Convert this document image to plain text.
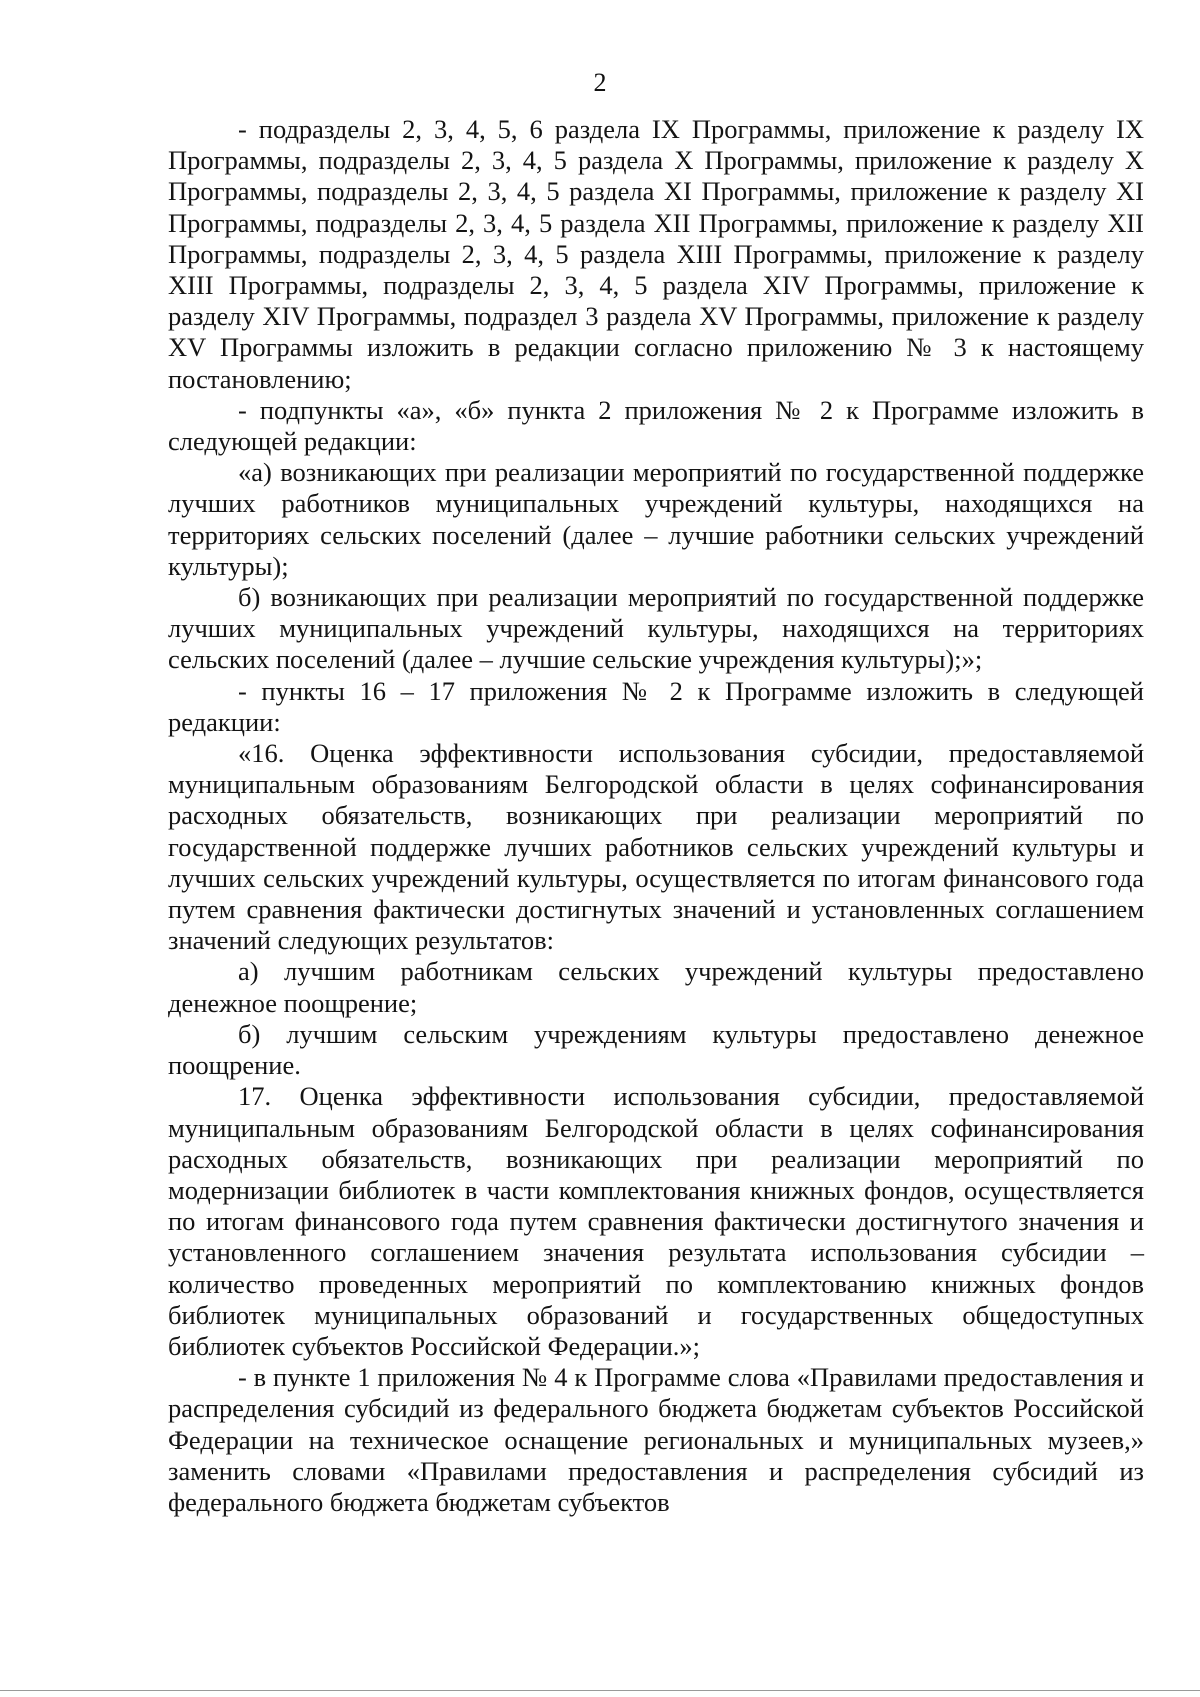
2

- подразделы 2, 3, 4, 5, 6 раздела IX Программы, приложение к разделу IX Программы, подразделы 2, 3, 4, 5 раздела X Программы, приложение к разделу X Программы, подразделы 2, 3, 4, 5 раздела XI Программы, приложение к разделу XI Программы, подразделы 2, 3, 4, 5 раздела XII Программы, приложение к разделу XII Программы, подразделы 2, 3, 4, 5 раздела XIII Программы, приложение к разделу XIII Программы, подразделы 2, 3, 4, 5 раздела XIV Программы, приложение к разделу XIV Программы, подраздел 3 раздела XV Программы, приложение к разделу XV Программы изложить в редакции согласно приложению № 3 к настоящему постановлению;

- подпункты «а», «б» пункта 2 приложения № 2 к Программе изложить в следующей редакции:

«а) возникающих при реализации мероприятий по государственной поддержке лучших работников муниципальных учреждений культуры, находящихся на территориях сельских поселений (далее – лучшие работники сельских учреждений культуры);

б) возникающих при реализации мероприятий по государственной поддержке лучших муниципальных учреждений культуры, находящихся на территориях сельских поселений (далее – лучшие сельские учреждения культуры);»;

- пункты 16 – 17 приложения № 2 к Программе изложить в следующей редакции:

«16. Оценка эффективности использования субсидии, предоставляемой муниципальным образованиям Белгородской области в целях софинансирования расходных обязательств, возникающих при реализации мероприятий по государственной поддержке лучших работников сельских учреждений культуры и лучших сельских учреждений культуры, осуществляется по итогам финансового года путем сравнения фактически достигнутых значений и установленных соглашением значений следующих результатов:

а) лучшим работникам сельских учреждений культуры предоставлено денежное поощрение;

б) лучшим сельским учреждениям культуры предоставлено денежное поощрение.

17. Оценка эффективности использования субсидии, предоставляемой муниципальным образованиям Белгородской области в целях софинансирования расходных обязательств, возникающих при реализации мероприятий по модернизации библиотек в части комплектования книжных фондов, осуществляется по итогам финансового года путем сравнения фактически достигнутого значения и установленного соглашением значения результата использования субсидии – количество проведенных мероприятий по комплектованию книжных фондов библиотек муниципальных образований и государственных общедоступных библиотек субъектов Российской Федерации.»;

- в пункте 1 приложения № 4 к Программе слова «Правилами предоставления и распределения субсидий из федерального бюджета бюджетам субъектов Российской Федерации на техническое оснащение региональных и муниципальных музеев,» заменить словами «Правилами предоставления и распределения субсидий из федерального бюджета бюджетам субъектов
